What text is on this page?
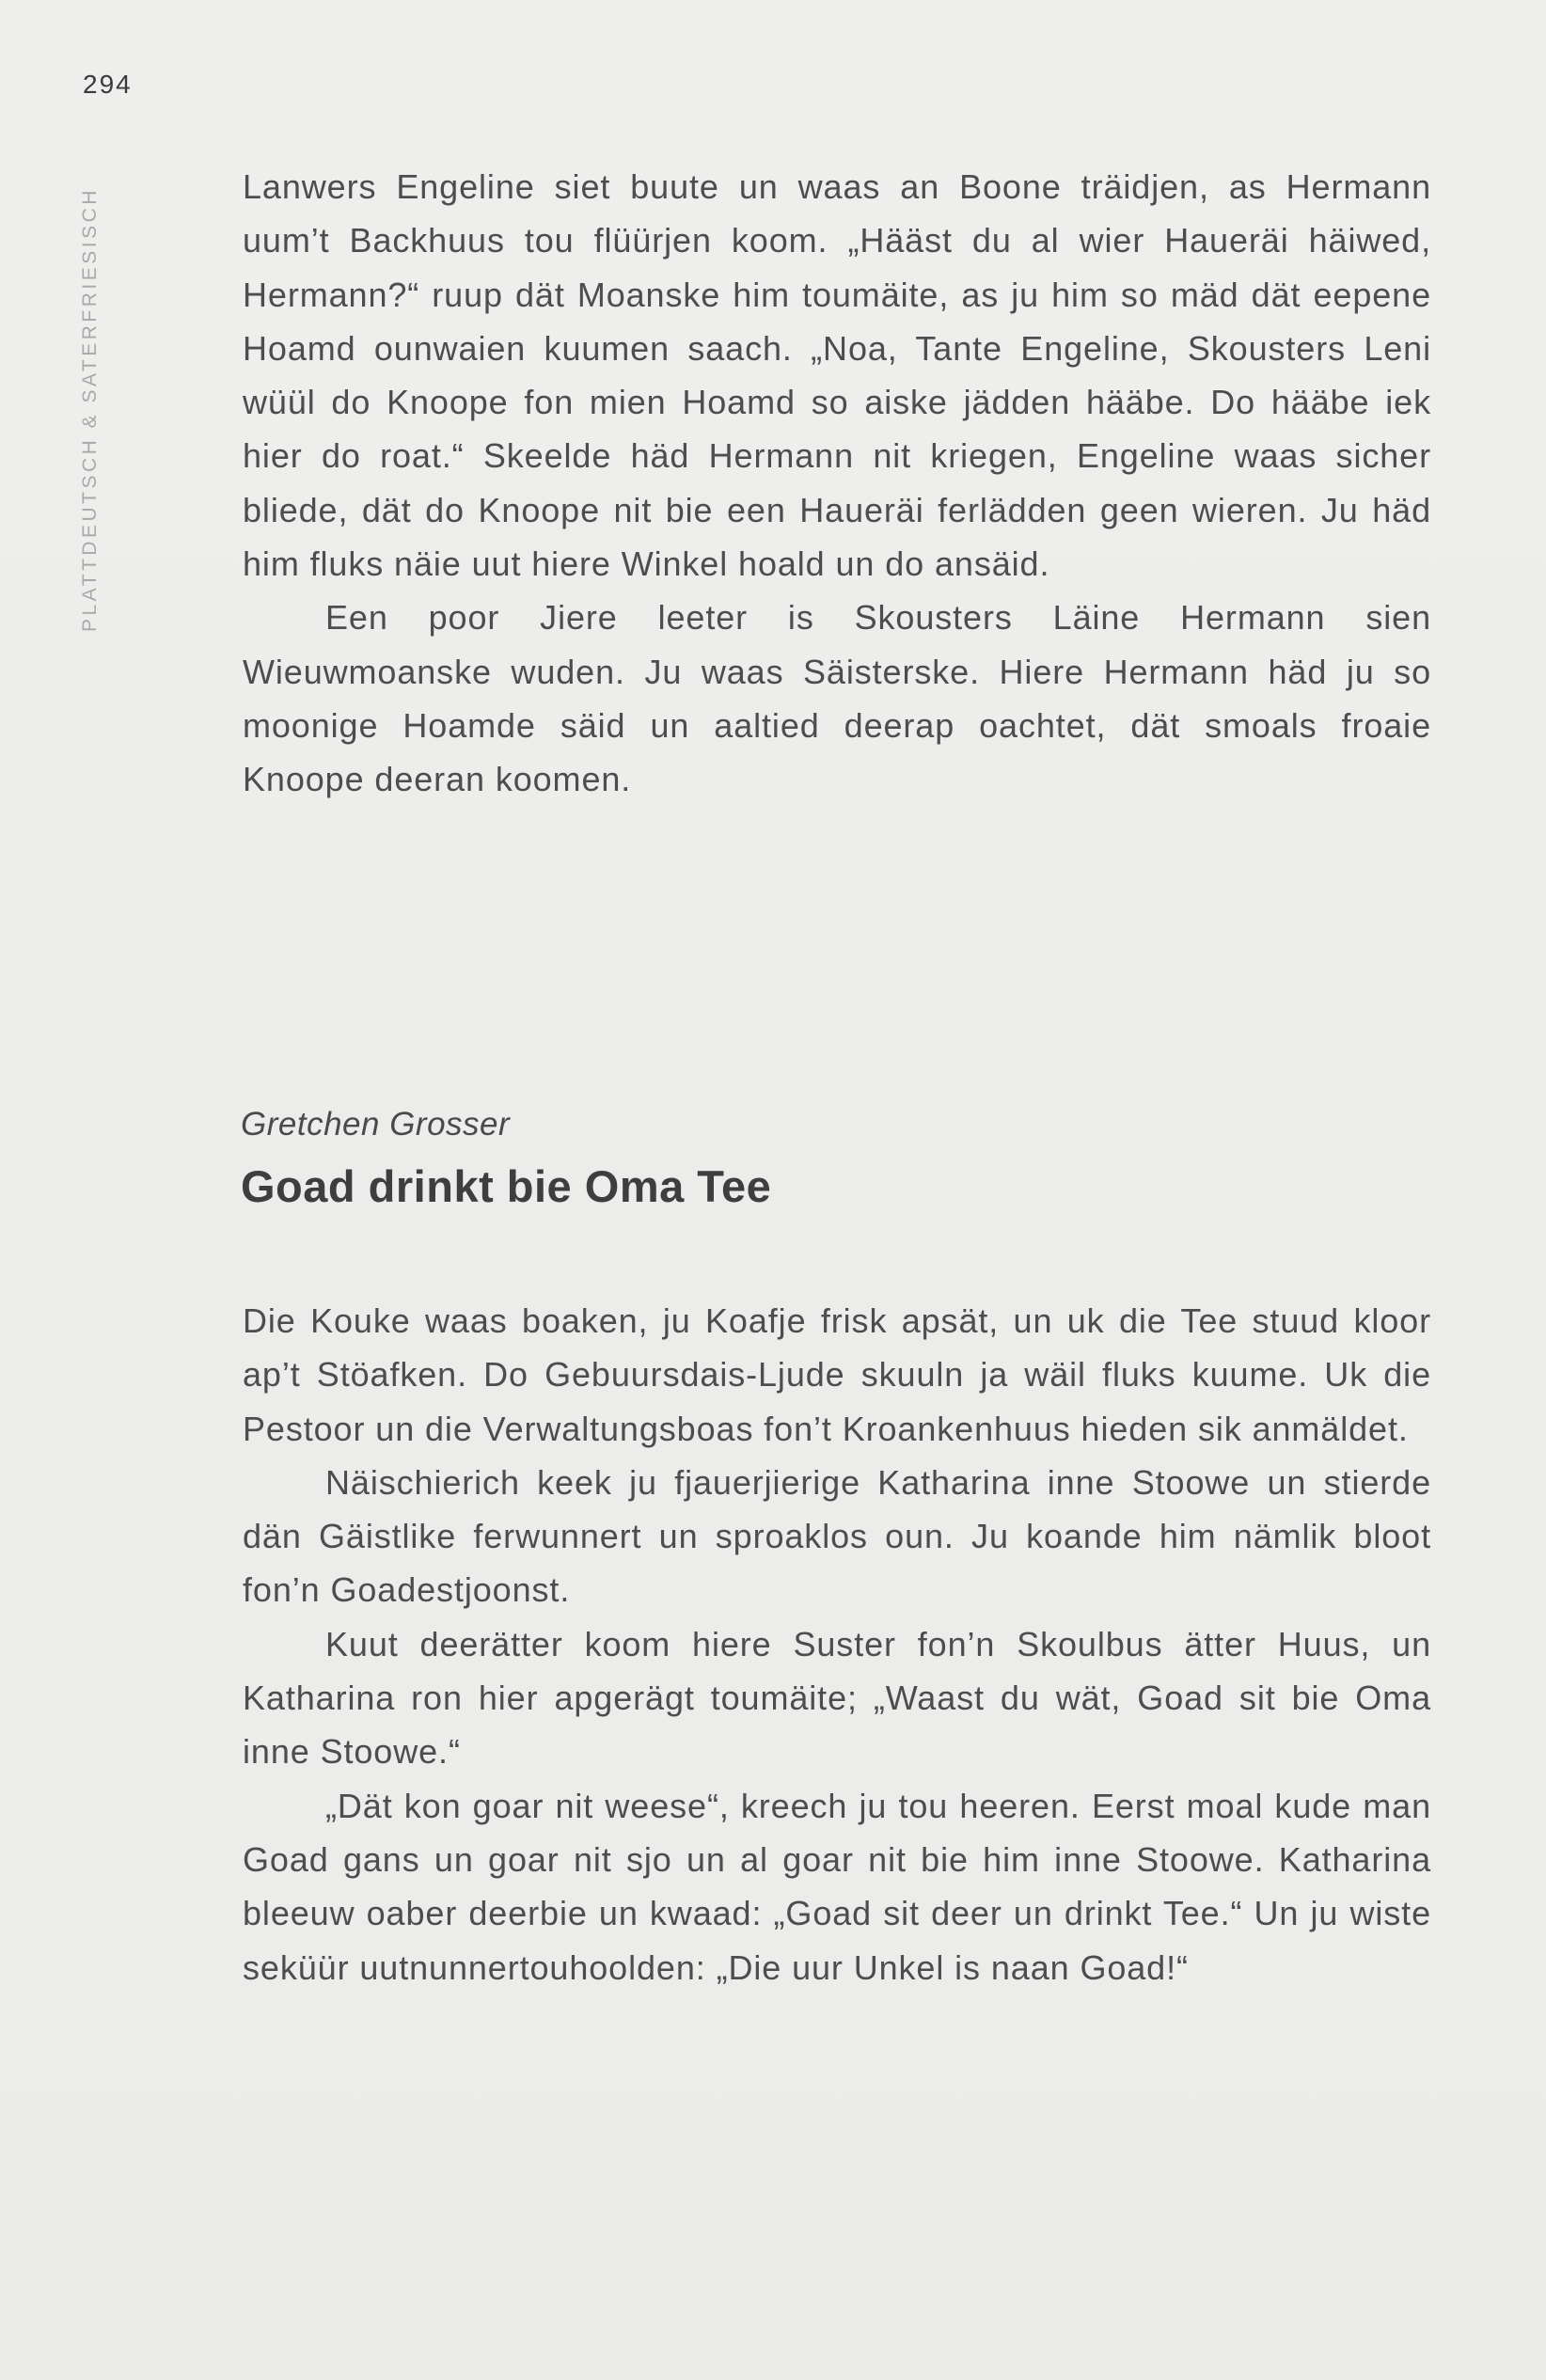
294
PLATTDEUTSCH & SATERFRIESISCH

Lanwers Engeline siet buute un waas an Boone träidjen, as Hermann uum’t Backhuus tou flüürjen koom. „Hääst du al wier Haueräi häiwed, Hermann?“ ruup dät Moanske him toumäite, as ju him so mäd dät eepene Hoamd ounwaien kuumen saach. „Noa, Tante Engeline, Skousters Leni wüül do Knoope fon mien Hoamd so aiske jädden hääbe. Do hääbe iek hier do roat.“ Skeelde häd Hermann nit kriegen, Engeline waas sicher bliede, dät do Knoope nit bie een Haueräi ferlädden geen wieren. Ju häd him fluks näie uut hiere Winkel hoald un do ansäid.

Een poor Jiere leeter is Skousters Läine Hermann sien Wieuwmoanske wuden. Ju waas Säisterske. Hiere Hermann häd ju so moonige Hoamde säid un aaltied deerap oachtet, dät smoals froaie Knoope deeran koomen.

Gretchen Grosser
Goad drinkt bie Oma Tee

Die Kouke waas boaken, ju Koafje frisk apsät, un uk die Tee stuud kloor ap’t Stöafken. Do Gebuursdais-Ljude skuuln ja wäil fluks kuume. Uk die Pestoor un die Verwaltungsboas fon’t Kroankenhuus hieden sik anmäldet.

Näischierich keek ju fjauerjierige Katharina inne Stoowe un stierde dän Gäistlike ferwunnert un sproaklos oun. Ju koande him nämlik bloot fon’n Goadestjoonst.

Kuut deerätter koom hiere Suster fon’n Skoulbus ätter Huus, un Katharina ron hier apgerägt toumäite; „Waast du wät, Goad sit bie Oma inne Stoowe.“

„Dät kon goar nit weese“, kreech ju tou heeren. Eerst moal kude man Goad gans un goar nit sjo un al goar nit bie him inne Stoowe. Katharina bleeuw oaber deerbie un kwaad: „Goad sit deer un drinkt Tee.“ Un ju wiste seküür uutnunnertouhoolden: „Die uur Unkel is naan Goad!“
